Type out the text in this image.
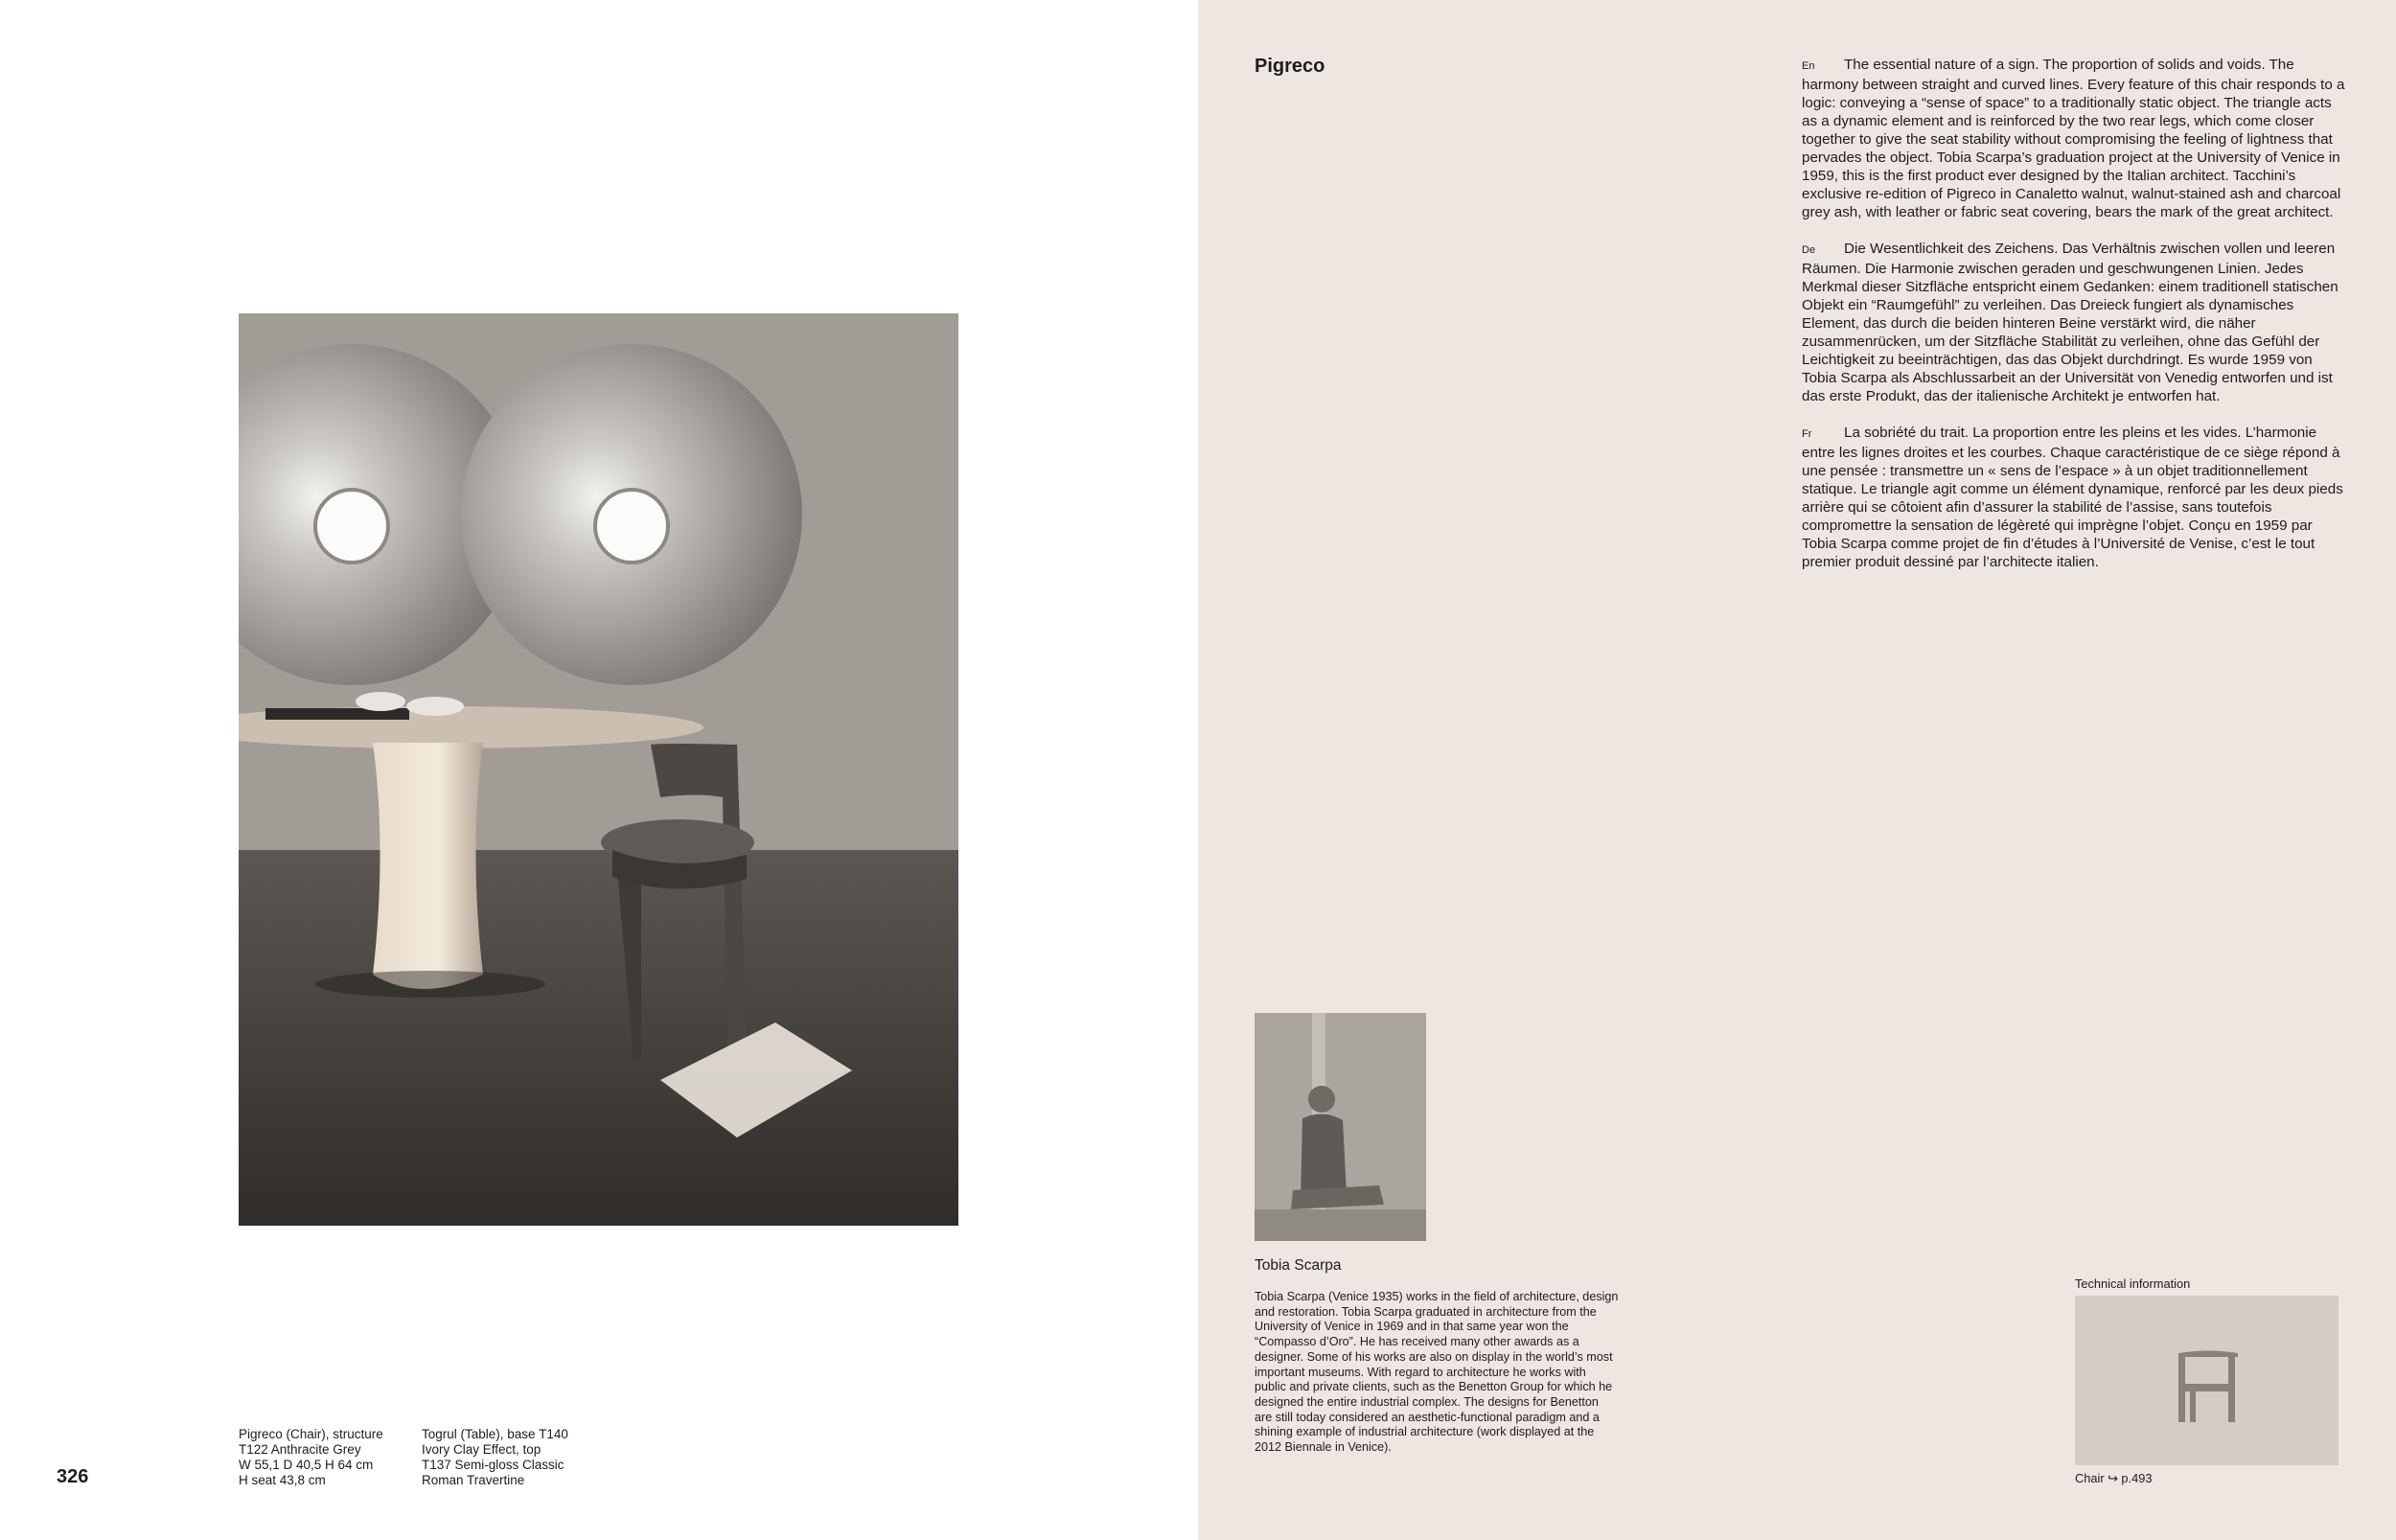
Pigreco (Chair), structure
T122 Anthracite Grey
W 55,1 D 40,5 H 64 cm
H seat 43,8 cm
Togrul (Table), base T140
Ivory Clay Effect, top
T137 Semi-gloss Classic
Roman Travertine
326
Pigreco	En The essential nature of a sign. The proportion of solids and voids. The harmony between straight and curved lines. Every feature of this chair responds to a logic: conveying a “sense of space” to a traditionally static object. The triangle acts as a dynamic element and is reinforced by the two rear legs, which come closer together to give the seat stability without compromising the feeling of lightness that pervades the object. Tobia Scarpa’s graduation project at the University of Venice in 1959, this is the first product ever designed by the Italian architect. Tacchini’s exclusive re-edition of Pigreco in Canaletto walnut, walnut-stained ash and charcoal grey ash, with leather or fabric seat covering, bears the mark of the great architect.

De Die Wesentlichkeit des Zeichens. Das Verhältnis zwischen vollen und leeren Räumen. Die Harmonie zwischen geraden und geschwungenen Linien. Jedes Merkmal dieser Sitzfläche entspricht einem Gedanken: einem traditionell statischen Objekt ein “Raumgefühl” zu verleihen. Das Dreieck fungiert als dynamisches Element, das durch die beiden hinteren Beine verstärkt wird, die näher zusammenrücken, um der Sitzfläche Stabilität zu verleihen, ohne das Gefühl der Leichtigkeit zu beeinträchtigen, das das Objekt durchdringt. Es wurde 1959 von Tobia Scarpa als Abschlussarbeit an der Universität von Venedig entworfen und ist das erste Produkt, das der italienische Architekt je entworfen hat.

Fr La sobriété du trait. La proportion entre les pleins et les vides. L’harmonie entre les lignes droites et les courbes. Chaque caractéristique de ce siège répond à une pensée : transmettre un « sens de l’espace » à un objet traditionnellement statique. Le triangle agit comme un élément dynamique, renforcé par les deux pieds arrière qui se côtoient afin d’assurer la stabilité de l’assise, sans toutefois compromettre la sensation de légèreté qui imprègne l’objet. Conçu en 1959 par Tobia Scarpa comme projet de fin d’études à l’Université de Venise, c’est le tout premier produit dessiné par l’architecte italien.

Tobia Scarpa
Tobia Scarpa (Venice 1935) works in the field of architecture, design and restoration. Tobia Scarpa graduated in architecture from the University of Venice in 1969 and in that same year won the “Compasso d’Oro”. He has received many other awards as a designer. Some of his works are also on display in the world’s most important museums. With regard to architecture he works with public and private clients, such as the Benetton Group for which he designed the entire industrial complex. The designs for Benetton are still today considered an aesthetic-functional paradigm and a shining example of industrial architecture (work displayed at the 2012 Biennale in Venice).
Technical information
Chair ↪ p.493
